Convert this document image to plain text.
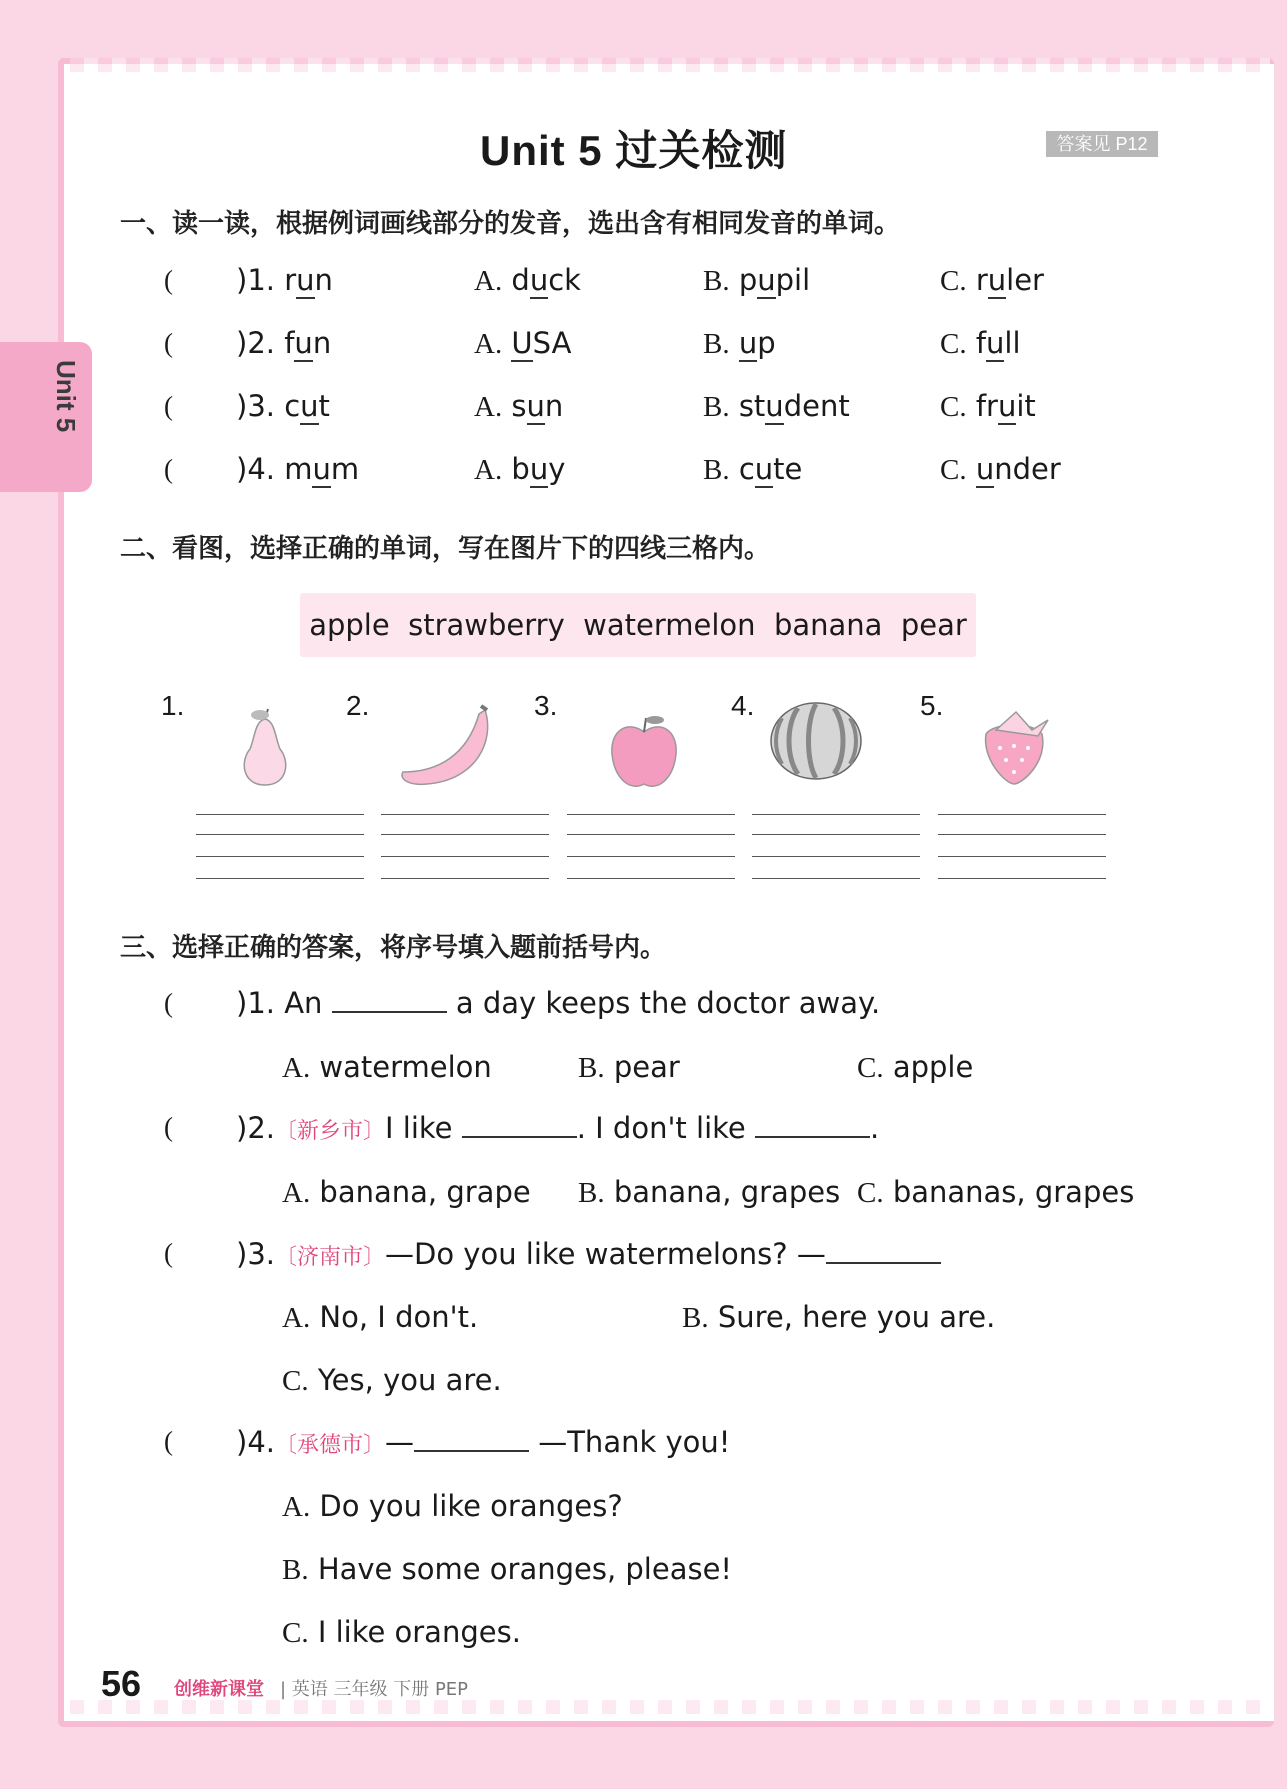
Unit 5
Unit 5 过关检测	答案见 P12
一、读一读，根据例词画线部分的发音，选出含有相同发音的单词。
( )1. run	A. duck	B. pupil	C. ruler
( )2. fun	A. USA	B. up	C. full
( )3. cut	A. sun	B. student	C. fruit
( )4. mum	A. buy	B. cute	C. under
二、看图，选择正确的单词，写在图片下的四线三格内。
apple strawberry watermelon banana pear
1.	2.	3.	4.	5.
三、选择正确的答案，将序号填入题前括号内。
( )1. An	a day keeps the doctor away.
A. watermelon	B. pear	C. apple
( )2.〔新乡市〕I like	. I don't like	.
A. banana, grape B. banana, grapes C. bananas, grapes
( )3.〔济南市〕—Do you like watermelons? —
A. No, I don't.	B. Sure, here you are.
C. Yes, you are.
( )4.〔承德市〕—	—Thank you!
A. Do you like oranges?
B. Have some oranges, please!
C. I like oranges.
56 创维新课堂 | 英语 三年级 下册 PEP
